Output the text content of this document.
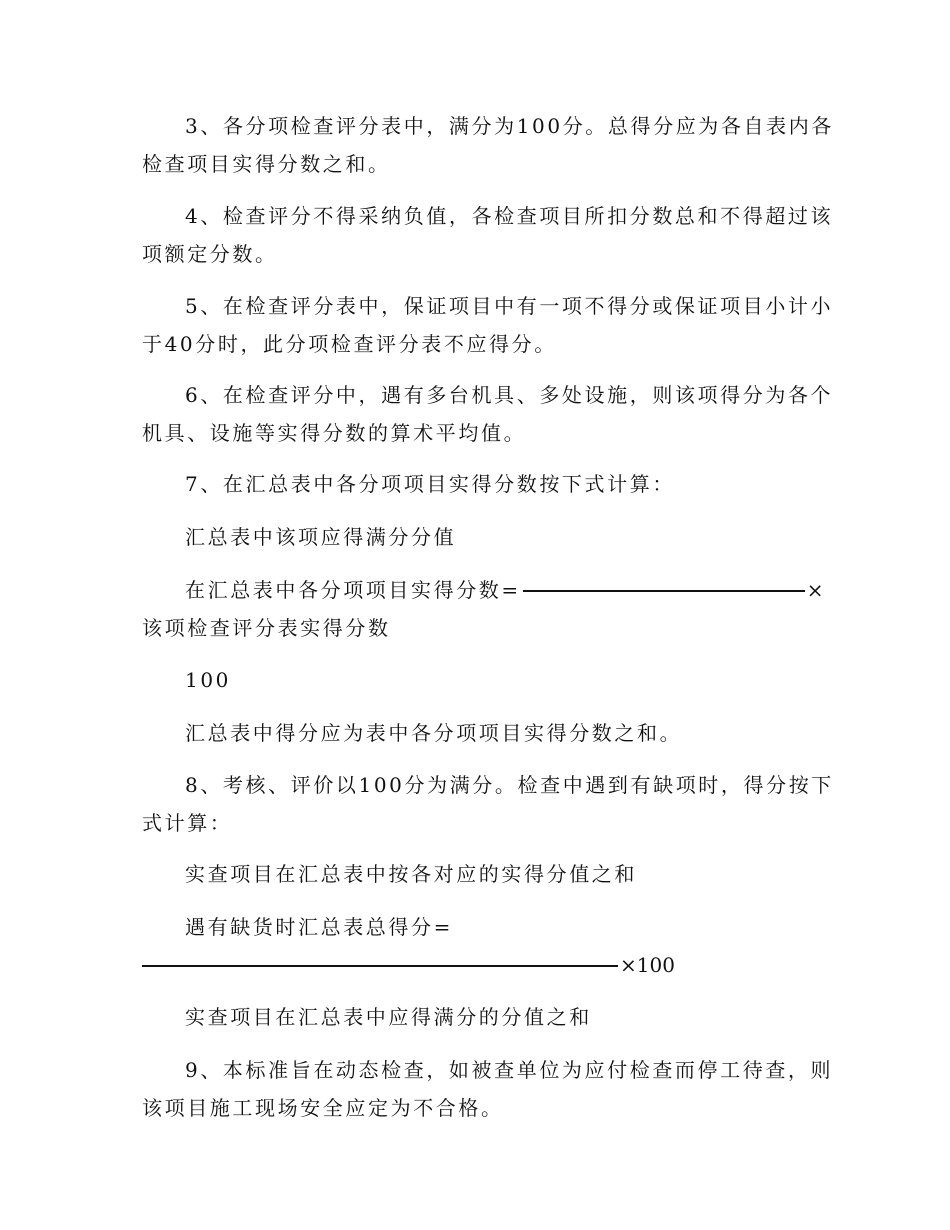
3、各分项检查评分表中，满分为100分。总得分应为各自表内各
检查项目实得分数之和。
4、检查评分不得采纳负值，各检查项目所扣分数总和不得超过该
项额定分数。
5、在检查评分表中，保证项目中有一项不得分或保证项目小计小
于40分时，此分项检查评分表不应得分。
6、在检查评分中，遇有多台机具、多处设施，则该项得分为各个
机具、设施等实得分数的算术平均值。
7、在汇总表中各分项项目实得分数按下式计算：
汇总表中该项应得满分分值
在汇总表中各分项项目实得分数=	×
该项检查评分表实得分数
100
汇总表中得分应为表中各分项项目实得分数之和。
8、考核、评价以100分为满分。检查中遇到有缺项时，得分按下
式计算：
实查项目在汇总表中按各对应的实得分值之和
遇有缺货时汇总表总得分=
×100
实查项目在汇总表中应得满分的分值之和
9、本标准旨在动态检查，如被查单位为应付检查而停工待查，则
该项目施工现场安全应定为不合格。
